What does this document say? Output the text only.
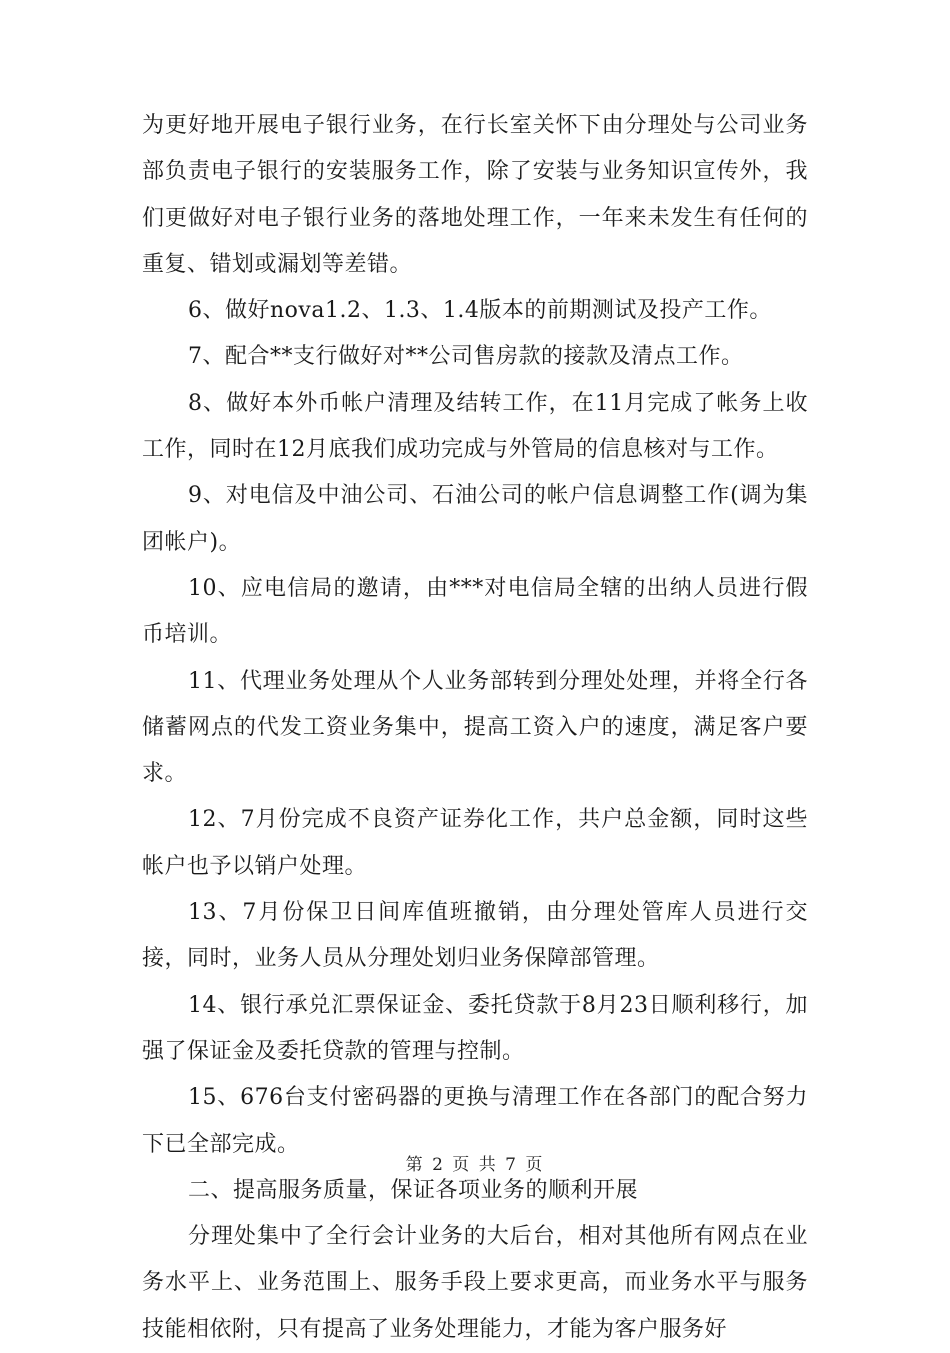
为更好地开展电子银行业务，在行长室关怀下由分理处与公司业务部负责电子银行的安装服务工作，除了安装与业务知识宣传外，我们更做好对电子银行业务的落地处理工作，一年来未发生有任何的重复、错划或漏划等差错。

6、做好nova1.2、1.3、1.4版本的前期测试及投产工作。

7、配合**支行做好对**公司售房款的接款及清点工作。

8、做好本外币帐户清理及结转工作，在11月完成了帐务上收工作，同时在12月底我们成功完成与外管局的信息核对与工作。

9、对电信及中油公司、石油公司的帐户信息调整工作(调为集团帐户)。

10、应电信局的邀请，由***对电信局全辖的出纳人员进行假币培训。

11、代理业务处理从个人业务部转到分理处处理，并将全行各储蓄网点的代发工资业务集中，提高工资入户的速度，满足客户要求。

12、7月份完成不良资产证券化工作，共户总金额，同时这些帐户也予以销户处理。

13、7月份保卫日间库值班撤销，由分理处管库人员进行交接，同时，业务人员从分理处划归业务保障部管理。

14、银行承兑汇票保证金、委托贷款于8月23日顺利移行，加强了保证金及委托贷款的管理与控制。

15、676台支付密码器的更换与清理工作在各部门的配合努力下已全部完成。

二、提高服务质量，保证各项业务的顺利开展

分理处集中了全行会计业务的大后台，相对其他所有网点在业务水平上、业务范围上、服务手段上要求更高，而业务水平与服务技能相依附，只有提高了业务处理能力，才能为客户服务好

第 2 页 共 7 页
